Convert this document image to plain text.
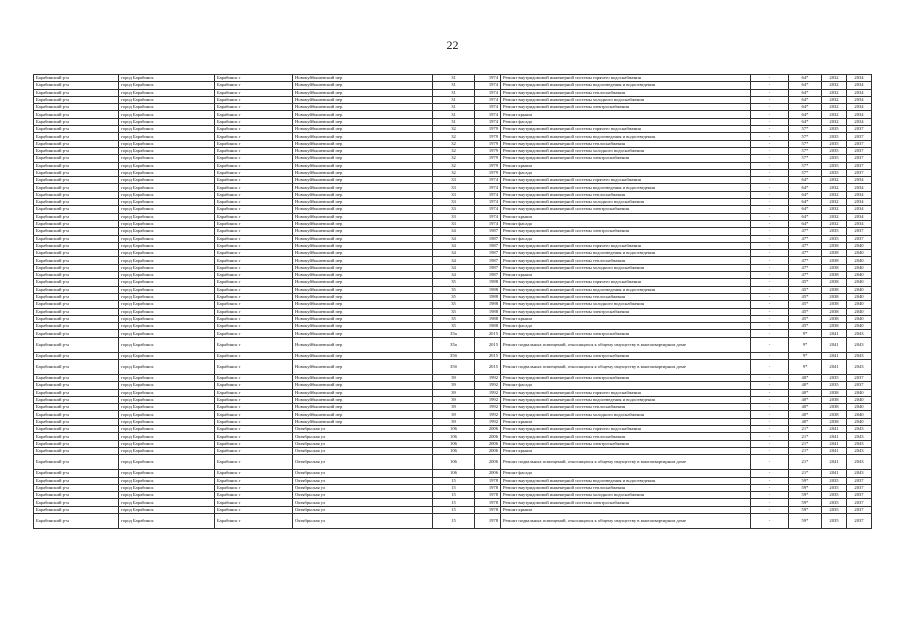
22
Барабинский р-н	город Барабинск	Барабинск г	Новокуйбышевский пер	31	1974	Ремонт внутридомовой инженерной системы горячего водоснабжения	-	64*	2032	2034
Барабинский р-н	город Барабинск	Барабинск г	Новокуйбышевский пер	31	1974	Ремонт внутридомовой инженерной системы водоотведения и водоотведения	-	64*	2032	2034
Барабинский р-н	город Барабинск	Барабинск г	Новокуйбышевский пер	31	1974	Ремонт внутридомовой инженерной системы теплоснабжения	-	64*	2032	2034
Барабинский р-н	город Барабинск	Барабинск г	Новокуйбышевский пер	31	1974	Ремонт внутридомовой инженерной системы холодного водоснабжения	-	64*	2032	2034
Барабинский р-н	город Барабинск	Барабинск г	Новокуйбышевский пер	31	1974	Ремонт внутридомовой инженерной системы электроснабжения	-	64*	2032	2034
Барабинский р-н	город Барабинск	Барабинск г	Новокуйбышевский пер	31	1974	Ремонт крыши	-	64*	2032	2034
Барабинский р-н	город Барабинск	Барабинск г	Новокуйбышевский пер	31	1974	Ремонт фасада	-	64*	2032	2034
Барабинский р-н	город Барабинск	Барабинск г	Новокуйбышевский пер	32	1979	Ремонт внутридомовой инженерной системы горячего водоснабжения	-	57*	2035	2037
Барабинский р-н	город Барабинск	Барабинск г	Новокуйбышевский пер	32	1979	Ремонт внутридомовой инженерной системы водоотведения и водоотведения	-	57*	2035	2037
Барабинский р-н	город Барабинск	Барабинск г	Новокуйбышевский пер	32	1979	Ремонт внутридомовой инженерной системы теплоснабжения	-	57*	2035	2037
Барабинский р-н	город Барабинск	Барабинск г	Новокуйбышевский пер	32	1979	Ремонт внутридомовой инженерной системы холодного водоснабжения	-	57*	2035	2037
Барабинский р-н	город Барабинск	Барабинск г	Новокуйбышевский пер	32	1979	Ремонт внутридомовой инженерной системы электроснабжения	-	57*	2035	2037
Барабинский р-н	город Барабинск	Барабинск г	Новокуйбышевский пер	32	1979	Ремонт крыши	-	57*	2035	2037
Барабинский р-н	город Барабинск	Барабинск г	Новокуйбышевский пер	32	1979	Ремонт фасада	-	57*	2035	2037
Барабинский р-н	город Барабинск	Барабинск г	Новокуйбышевский пер	33	1974	Ремонт внутридомовой инженерной системы горячего водоснабжения	-	64*	2032	2034
Барабинский р-н	город Барабинск	Барабинск г	Новокуйбышевский пер	33	1974	Ремонт внутридомовой инженерной системы водоотведения и водоотведения	-	64*	2032	2034
Барабинский р-н	город Барабинск	Барабинск г	Новокуйбышевский пер	33	1974	Ремонт внутридомовой инженерной системы теплоснабжения	-	64*	2032	2034
Барабинский р-н	город Барабинск	Барабинск г	Новокуйбышевский пер	33	1974	Ремонт внутридомовой инженерной системы холодного водоснабжения	-	64*	2032	2034
Барабинский р-н	город Барабинск	Барабинск г	Новокуйбышевский пер	33	1974	Ремонт внутридомовой инженерной системы электроснабжения	-	64*	2032	2034
Барабинский р-н	город Барабинск	Барабинск г	Новокуйбышевский пер	33	1974	Ремонт крыши	-	64*	2032	2034
Барабинский р-н	город Барабинск	Барабинск г	Новокуйбышевский пер	33	1974	Ремонт фасада	-	64*	2032	2034
Барабинский р-н	город Барабинск	Барабинск г	Новокуйбышевский пер	34	1987	Ремонт внутридомовой инженерной системы электроснабжения	-	47*	2035	2037
Барабинский р-н	город Барабинск	Барабинск г	Новокуйбышевский пер	34	1987	Ремонт фасада	-	47*	2035	2037
Барабинский р-н	город Барабинск	Барабинск г	Новокуйбышевский пер	34	1987	Ремонт внутридомовой инженерной системы горячего водоснабжения	-	47*	2038	2040
Барабинский р-н	город Барабинск	Барабинск г	Новокуйбышевский пер	34	1987	Ремонт внутридомовой инженерной системы водоотведения и водоотведения	-	47*	2038	2040
Барабинский р-н	город Барабинск	Барабинск г	Новокуйбышевский пер	34	1987	Ремонт внутридомовой инженерной системы теплоснабжения	-	47*	2038	2040
Барабинский р-н	город Барабинск	Барабинск г	Новокуйбышевский пер	34	1987	Ремонт внутридомовой инженерной системы холодного водоснабжения	-	47*	2038	2040
Барабинский р-н	город Барабинск	Барабинск г	Новокуйбышевский пер	34	1987	Ремонт крыши	-	47*	2038	2040
Барабинский р-н	город Барабинск	Барабинск г	Новокуйбышевский пер	35	1988	Ремонт внутридомовой инженерной системы горячего водоснабжения	-	45*	2038	2040
Барабинский р-н	город Барабинск	Барабинск г	Новокуйбышевский пер	35	1988	Ремонт внутридомовой инженерной системы водоотведения и водоотведения	-	45*	2038	2040
Барабинский р-н	город Барабинск	Барабинск г	Новокуйбышевский пер	35	1988	Ремонт внутридомовой инженерной системы теплоснабжения	-	45*	2038	2040
Барабинский р-н	город Барабинск	Барабинск г	Новокуйбышевский пер	35	1988	Ремонт внутридомовой инженерной системы холодного водоснабжения	-	45*	2038	2040
Барабинский р-н	город Барабинск	Барабинск г	Новокуйбышевский пер	35	1988	Ремонт внутридомовой инженерной системы электроснабжения	-	45*	2038	2040
Барабинский р-н	город Барабинск	Барабинск г	Новокуйбышевский пер	35	1988	Ремонт крыши	-	45*	2038	2040
Барабинский р-н	город Барабинск	Барабинск г	Новокуйбышевский пер	35	1988	Ремонт фасада	-	45*	2038	2040
Барабинский р-н	город Барабинск	Барабинск г	Новокуйбышевский пер	35а	2015	Ремонт внутридомовой инженерной системы электроснабжения	-	9*	2041	2043
Барабинский р-н	город Барабинск	Барабинск г	Новокуйбышевский пер	35а	2015	Ремонт подвальных помещений, относящихся к общему имуществу в многоквартирном доме	-	9*	2041	2043
Барабинский р-н	город Барабинск	Барабинск г	Новокуйбышевский пер	35б	2015	Ремонт внутридомовой инженерной системы электроснабжения	-	9*	2041	2043
Барабинский р-н	город Барабинск	Барабинск г	Новокуйбышевский пер	35б	2015	Ремонт подвальных помещений, относящихся к общему имуществу в многоквартирном доме	-	9*	2041	2043
Барабинский р-н	город Барабинск	Барабинск г	Новокуйбышевский пер	39	1992	Ремонт внутридомовой инженерной системы электроснабжения	-	40*	2035	2037
Барабинский р-н	город Барабинск	Барабинск г	Новокуйбышевский пер	39	1992	Ремонт фасада	-	40*	2035	2037
Барабинский р-н	город Барабинск	Барабинск г	Новокуйбышевский пер	39	1992	Ремонт внутридомовой инженерной системы горячего водоснабжения	-	40*	2038	2040
Барабинский р-н	город Барабинск	Барабинск г	Новокуйбышевский пер	39	1992	Ремонт внутридомовой инженерной системы водоотведения и водоотведения	-	40*	2038	2040
Барабинский р-н	город Барабинск	Барабинск г	Новокуйбышевский пер	39	1992	Ремонт внутридомовой инженерной системы теплоснабжения	-	40*	2038	2040
Барабинский р-н	город Барабинск	Барабинск г	Новокуйбышевский пер	39	1992	Ремонт внутридомовой инженерной системы холодного водоснабжения	-	40*	2038	2040
Барабинский р-н	город Барабинск	Барабинск г	Новокуйбышевский пер	39	1992	Ремонт крыши	-	40*	2038	2040
Барабинский р-н	город Барабинск	Барабинск г	Октябрьская ул	106	2006	Ремонт внутридомовой инженерной системы горячего водоснабжения	-	21*	2041	2043
Барабинский р-н	город Барабинск	Барабинск г	Октябрьская ул	106	2006	Ремонт внутридомовой инженерной системы теплоснабжения	-	21*	2041	2043
Барабинский р-н	город Барабинск	Барабинск г	Октябрьская ул	106	2006	Ремонт внутридомовой инженерной системы электроснабжения	-	21*	2041	2043
Барабинский р-н	город Барабинск	Барабинск г	Октябрьская ул	106	2006	Ремонт крыши	-	21*	2041	2043
Барабинский р-н	город Барабинск	Барабинск г	Октябрьская ул	106	2006	Ремонт подвальных помещений, относящихся к общему имуществу в многоквартирном доме	-	21*	2041	2043
Барабинский р-н	город Барабинск	Барабинск г	Октябрьская ул	106	2006	Ремонт фасада	-	21*	2041	2043
Барабинский р-н	город Барабинск	Барабинск г	Октябрьская ул	15	1978	Ремонт внутридомовой инженерной системы водоотведения и водоотведения	-	59*	2035	2037
Барабинский р-н	город Барабинск	Барабинск г	Октябрьская ул	15	1978	Ремонт внутридомовой инженерной системы теплоснабжения	-	59*	2035	2037
Барабинский р-н	город Барабинск	Барабинск г	Октябрьская ул	15	1978	Ремонт внутридомовой инженерной системы холодного водоснабжения	-	59*	2035	2037
Барабинский р-н	город Барабинск	Барабинск г	Октябрьская ул	15	1978	Ремонт внутридомовой инженерной системы электроснабжения	-	59*	2035	2037
Барабинский р-н	город Барабинск	Барабинск г	Октябрьская ул	15	1978	Ремонт крыши	-	59*	2035	2037
Барабинский р-н	город Барабинск	Барабинск г	Октябрьская ул	15	1978	Ремонт подвальных помещений, относящихся к общему имуществу в многоквартирном доме	-	59*	2035	2037
